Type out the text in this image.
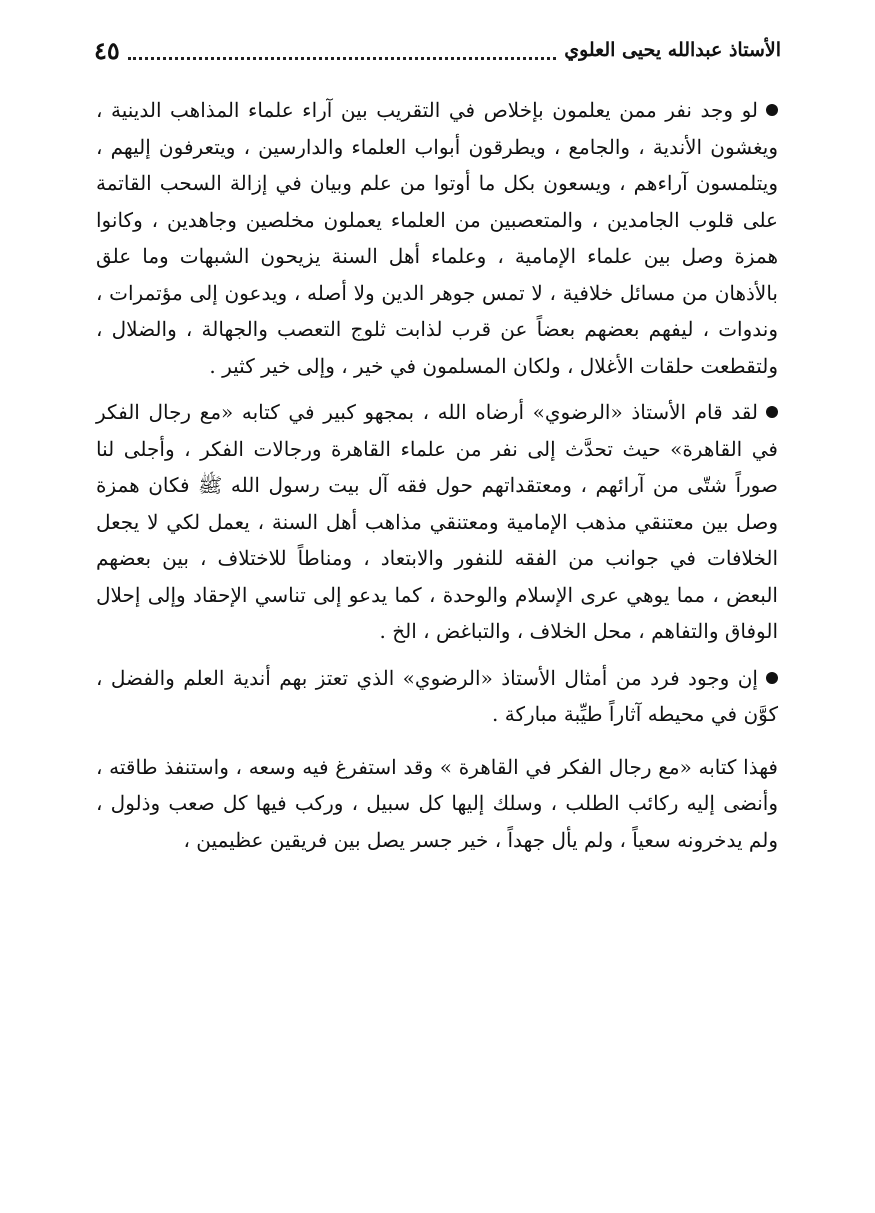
الأستاذ عبدالله يحيى العلوي
٤٥

لو وجد نفر ممن يعلمون بإخلاص في التقريب بين آراء علماء المذاهب الدينية ، ويغشون الأندية ، والجامع ، ويطرقون أبواب العلماء والدارسين ، ويتعرفون إليهم ، ويتلمسون آراءهم ، ويسعون بكل ما أوتوا من علم وبيان في إزالة السحب القاتمة على قلوب الجامدين ، والمتعصبين من العلماء يعملون مخلصين وجاهدين ، وكانوا همزة وصل بين علماء الإمامية ، وعلماء أهل السنة يزيحون الشبهات وما علق بالأذهان من مسائل خلافية ، لا تمس جوهر الدين ولا أصله ، ويدعون إلى مؤتمرات ، وندوات ، ليفهم بعضهم بعضاً عن قرب لذابت ثلوج التعصب والجهالة ، والضلال ، ولتقطعت حلقات الأغلال ، ولكان المسلمون في خير ، وإلى خير كثير .

لقد قام الأستاذ «الرضوي» أرضاه الله ، بمجهو كبير في كتابه «مع رجال الفكر في القاهرة» حيث تحدَّث إلى نفر من علماء القاهرة ورجالات الفكر ، وأجلى لنا صوراً شتّى من آرائهم ، ومعتقداتهم حول فقه آل بيت رسول الله ﷺ فكان همزة وصل بين معتنقي مذهب الإمامية ومعتنقي مذاهب أهل السنة ، يعمل لكي لا يجعل الخلافات في جوانب من الفقه للنفور والابتعاد ، ومناطاً للاختلاف ، بين بعضهم البعض ، مما يوهي عرى الإسلام والوحدة ، كما يدعو إلى تناسي الإحقاد وإلى إحلال الوفاق والتفاهم ، محل الخلاف ، والتباغض ، الخ .

إن وجود فرد من أمثال الأستاذ «الرضوي» الذي تعتز بهم أندية العلم والفضل ، كوَّن في محيطه آثاراً طيِّبة مباركة .

فهذا كتابه «مع رجال الفكر في القاهرة » وقد استفرغ فيه وسعه ، واستنفذ طاقته ، وأنضى إليه ركائب الطلب ، وسلك إليها كل سبيل ، وركب فيها كل صعب وذلول ، ولم يدخرونه سعياً ، ولم يأل جهداً ، خير جسر يصل بين فريقين عظيمين ،
